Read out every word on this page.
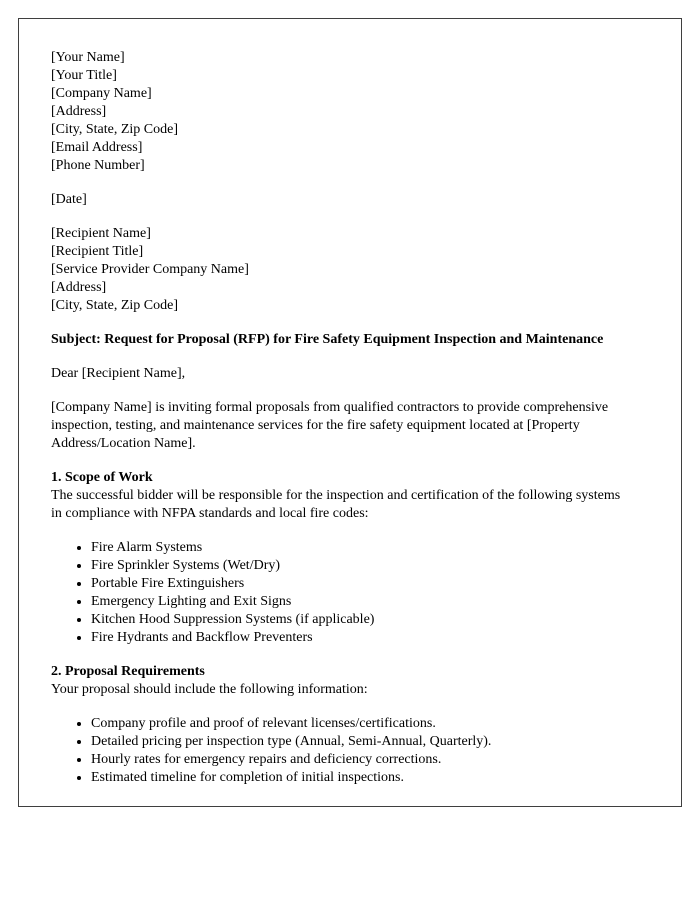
[Your Name]
[Your Title]
[Company Name]
[Address]
[City, State, Zip Code]
[Email Address]
[Phone Number]
[Date]
[Recipient Name]
[Recipient Title]
[Service Provider Company Name]
[Address]
[City, State, Zip Code]
Subject: Request for Proposal (RFP) for Fire Safety Equipment Inspection and Maintenance
Dear [Recipient Name],
[Company Name] is inviting formal proposals from qualified contractors to provide comprehensive inspection, testing, and maintenance services for the fire safety equipment located at [Property Address/Location Name].
1. Scope of Work
The successful bidder will be responsible for the inspection and certification of the following systems in compliance with NFPA standards and local fire codes:
• Fire Alarm Systems
• Fire Sprinkler Systems (Wet/Dry)
• Portable Fire Extinguishers
• Emergency Lighting and Exit Signs
• Kitchen Hood Suppression Systems (if applicable)
• Fire Hydrants and Backflow Preventers
2. Proposal Requirements
Your proposal should include the following information:
• Company profile and proof of relevant licenses/certifications.
• Detailed pricing per inspection type (Annual, Semi-Annual, Quarterly).
• Hourly rates for emergency repairs and deficiency corrections.
• Estimated timeline for completion of initial inspections.
